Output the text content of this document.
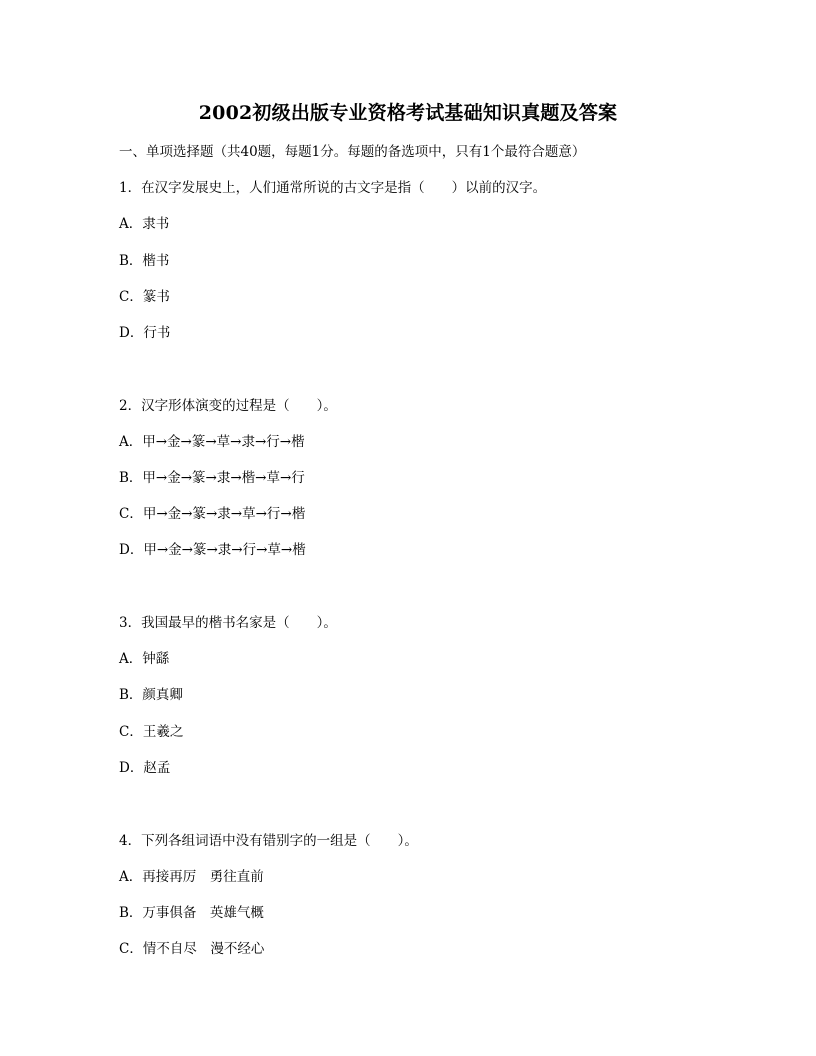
2002初级出版专业资格考试基础知识真题及答案
一、单项选择题（共40题，每题1分。每题的备选项中，只有1个最符合题意）
1．在汉字发展史上，人们通常所说的古文字是指（　　）以前的汉字。
A．隶书
B．楷书
C．篆书
D．行书
2．汉字形体演变的过程是（　　）。
A．甲→金→篆→草→隶→行→楷
B．甲→金→篆→隶→楷→草→行
C．甲→金→篆→隶→草→行→楷
D．甲→金→篆→隶→行→草→楷
3．我国最早的楷书名家是（　　）。
A．钟繇
B．颜真卿
C．王羲之
D．赵孟
4．下列各组词语中没有错别字的一组是（　　）。
A．再接再厉　勇往直前
B．万事俱备　英雄气概
C．情不自尽　漫不经心
